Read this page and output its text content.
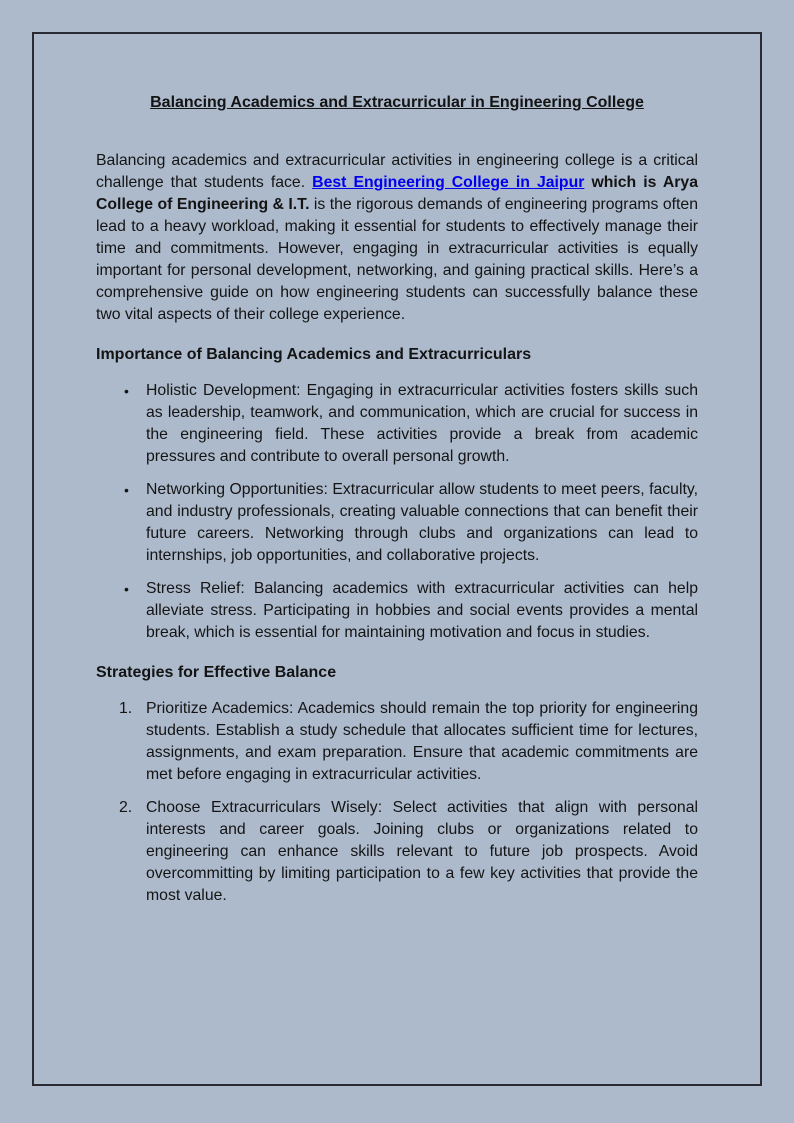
Balancing Academics and Extracurricular in Engineering College

Balancing academics and extracurricular activities in engineering college is a critical challenge that students face. Best Engineering College in Jaipur which is Arya College of Engineering & I.T. is the rigorous demands of engineering programs often lead to a heavy workload, making it essential for students to effectively manage their time and commitments. However, engaging in extracurricular activities is equally important for personal development, networking, and gaining practical skills. Here’s a comprehensive guide on how engineering students can successfully balance these two vital aspects of their college experience.

Importance of Balancing Academics and Extracurriculars
•	Holistic Development: Engaging in extracurricular activities fosters skills such as leadership, teamwork, and communication, which are crucial for success in the engineering field. These activities provide a break from academic pressures and contribute to overall personal growth.
•	Networking Opportunities: Extracurricular allow students to meet peers, faculty, and industry professionals, creating valuable connections that can benefit their future careers. Networking through clubs and organizations can lead to internships, job opportunities, and collaborative projects.
•	Stress Relief: Balancing academics with extracurricular activities can help alleviate stress. Participating in hobbies and social events provides a mental break, which is essential for maintaining motivation and focus in studies.
Strategies for Effective Balance
1. Prioritize Academics: Academics should remain the top priority for engineering students. Establish a study schedule that allocates sufficient time for lectures, assignments, and exam preparation. Ensure that academic commitments are met before engaging in extracurricular activities.
2. Choose Extracurriculars Wisely: Select activities that align with personal interests and career goals. Joining clubs or organizations related to engineering can enhance skills relevant to future job prospects. Avoid overcommitting by limiting participation to a few key activities that provide the most value.
